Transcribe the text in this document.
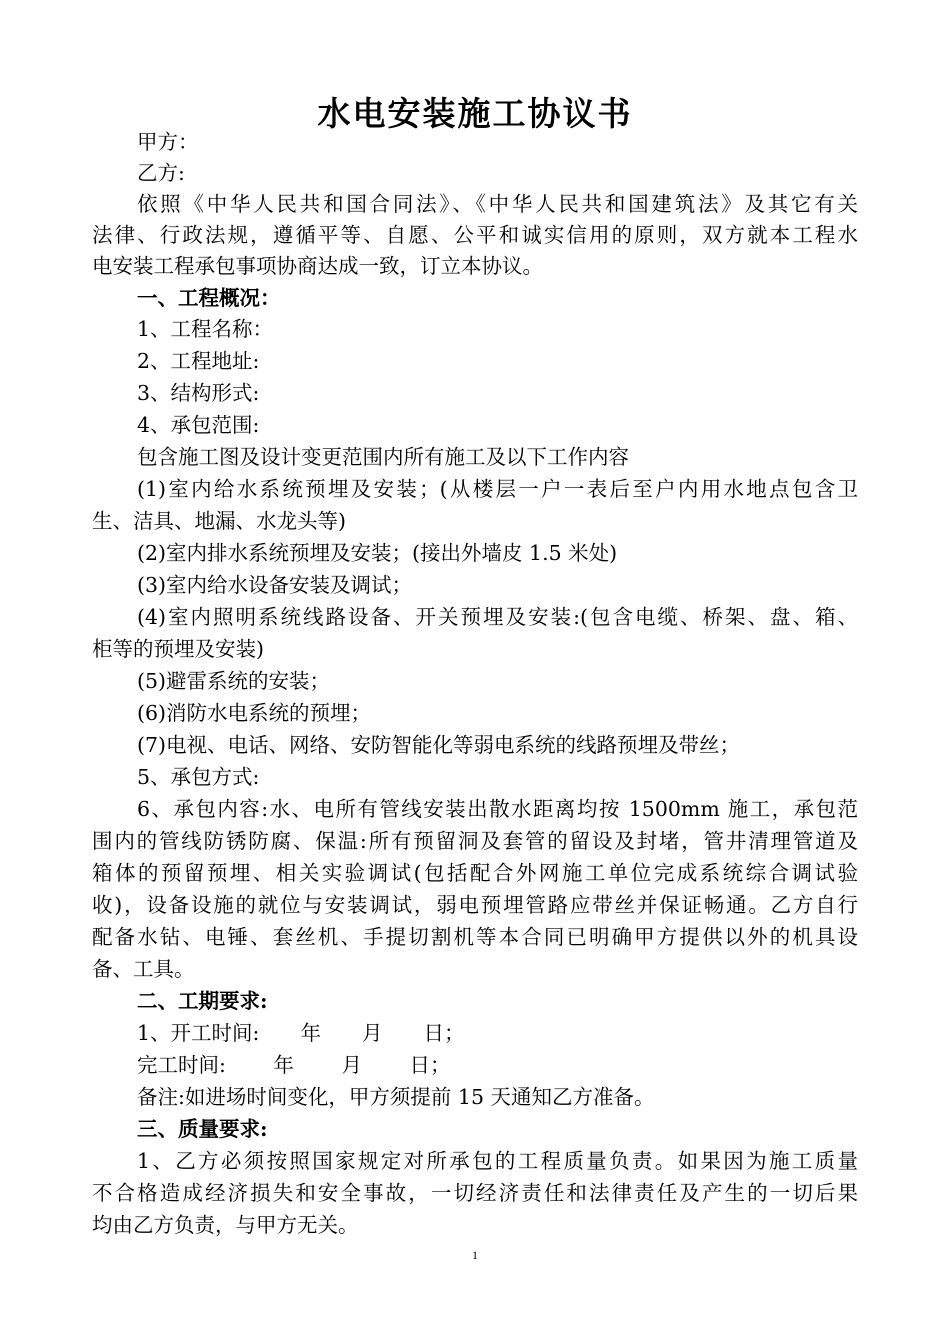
水电安装施工协议书
甲方：
乙方:
依照《中华人民共和国合同法》、《中华人民共和国建筑法》及其它有关
法律、行政法规，遵循平等、自愿、公平和诚实信用的原则，双方就本工程水
电安装工程承包事项协商达成一致，订立本协议。
一、工程概况：
1、工程名称：
2、工程地址:
3、结构形式:
4、承包范围:
包含施工图及设计变更范围内所有施工及以下工作内容
(1)室内给水系统预埋及安装；(从楼层一户一表后至户内用水地点包含卫
生、洁具、地漏、水龙头等)
(2)室内排水系统预埋及安装；(接出外墙皮 1.5 米处)
(3)室内给水设备安装及调试；
(4)室内照明系统线路设备、开关预埋及安装:(包含电缆、桥架、盘、箱、
柜等的预埋及安装)
(5)避雷系统的安装；
(6)消防水电系统的预埋；
(7)电视、电话、网络、安防智能化等弱电系统的线路预埋及带丝；
5、承包方式:
6、承包内容:水、电所有管线安装出散水距离均按 1500mm 施工，承包范
围内的管线防锈防腐、保温:所有预留洞及套管的留设及封堵，管井清理管道及
箱体的预留预埋、相关实验调试(包括配合外网施工单位完成系统综合调试验
收)，设备设施的就位与安装调试，弱电预埋管路应带丝并保证畅通。乙方自行
配备水钻、电锤、套丝机、手提切割机等本合同已明确甲方提供以外的机具设
备、工具。
二、工期要求:
1、开工时间:　　年　　月　　日；
完工时间:　　 年　　 月　　 日；
备注:如进场时间变化，甲方须提前 15 天通知乙方准备。
三、质量要求:
1、乙方必须按照国家规定对所承包的工程质量负责。如果因为施工质量
不合格造成经济损失和安全事故，一切经济责任和法律责任及产生的一切后果
均由乙方负责，与甲方无关。
1
